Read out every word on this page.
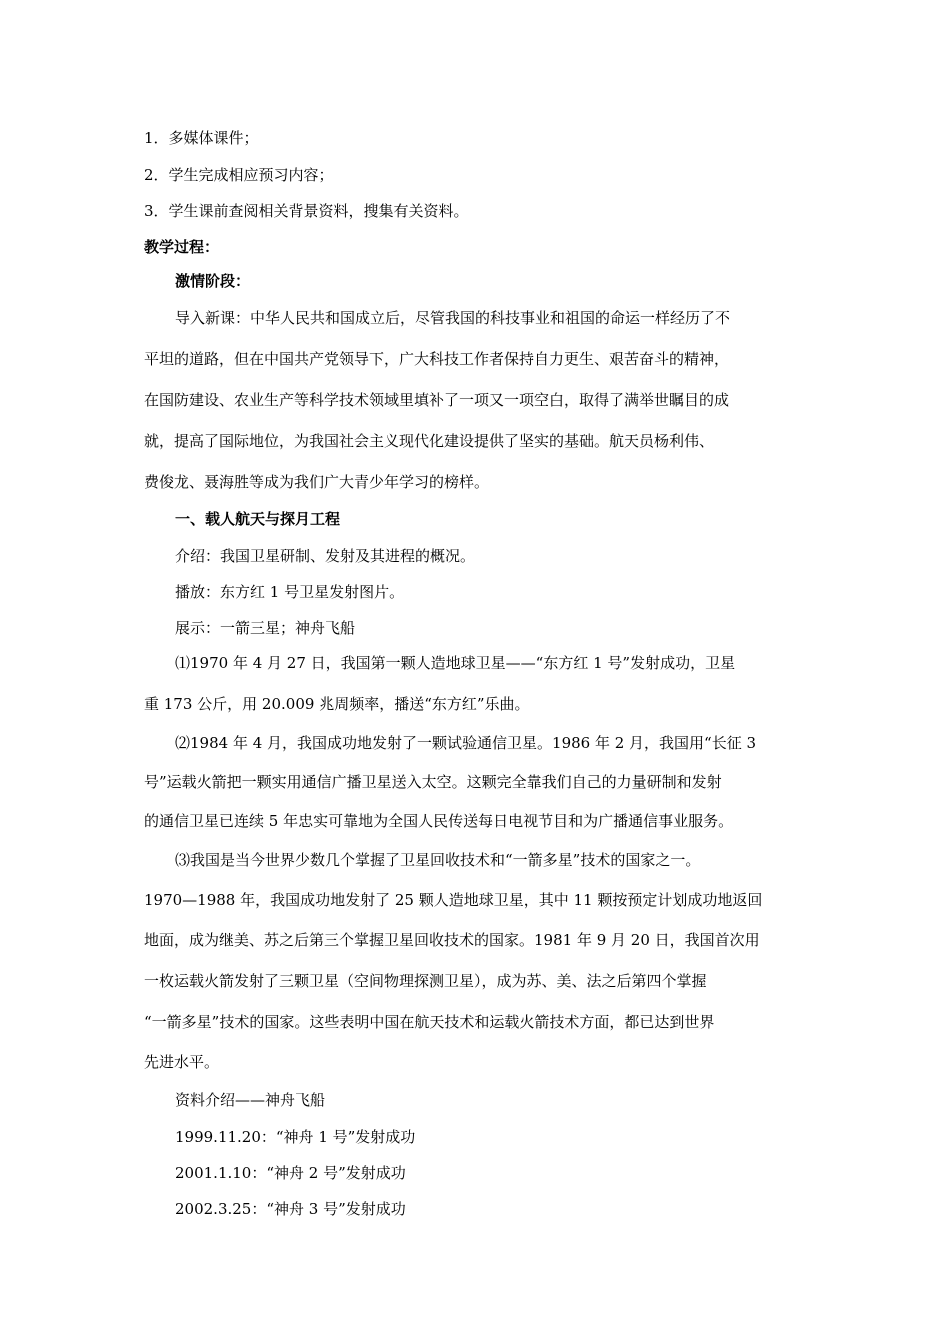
1．多媒体课件；
2．学生完成相应预习内容；
3．学生课前查阅相关背景资料，搜集有关资料。
教学过程：
激情阶段：
导入新课：中华人民共和国成立后，尽管我国的科技事业和祖国的命运一样经历了不
平坦的道路，但在中国共产党领导下，广大科技工作者保持自力更生、艰苦奋斗的精神，
在国防建设、农业生产等科学技术领域里填补了一项又一项空白，取得了满举世瞩目的成
就，提高了国际地位，为我国社会主义现代化建设提供了坚实的基础。航天员杨利伟、
费俊龙、聂海胜等成为我们广大青少年学习的榜样。
一、载人航天与探月工程
介绍：我国卫星研制、发射及其进程的概况。
播放：东方红 1 号卫星发射图片。
展示：一箭三星；神舟飞船
⑴1970 年 4 月 27 日，我国第一颗人造地球卫星——“东方红 1 号”发射成功，卫星
重 173 公斤，用 20.009 兆周频率，播送“东方红”乐曲。
⑵1984 年 4 月，我国成功地发射了一颗试验通信卫星。1986 年 2 月，我国用“长征 3
号”运载火箭把一颗实用通信广播卫星送入太空。这颗完全靠我们自己的力量研制和发射
的通信卫星已连续 5 年忠实可靠地为全国人民传送每日电视节目和为广播通信事业服务。
⑶我国是当今世界少数几个掌握了卫星回收技术和“一箭多星”技术的国家之一。
1970—1988 年，我国成功地发射了 25 颗人造地球卫星，其中 11 颗按预定计划成功地返回
地面，成为继美、苏之后第三个掌握卫星回收技术的国家。1981 年 9 月 20 日，我国首次用
一枚运载火箭发射了三颗卫星（空间物理探测卫星），成为苏、美、法之后第四个掌握
“一箭多星”技术的国家。这些表明中国在航天技术和运载火箭技术方面，都已达到世界
先进水平。
资料介绍——神舟飞船
1999.11.20：“神舟 1 号”发射成功
2001.1.10：“神舟 2 号”发射成功
2002.3.25：“神舟 3 号”发射成功
